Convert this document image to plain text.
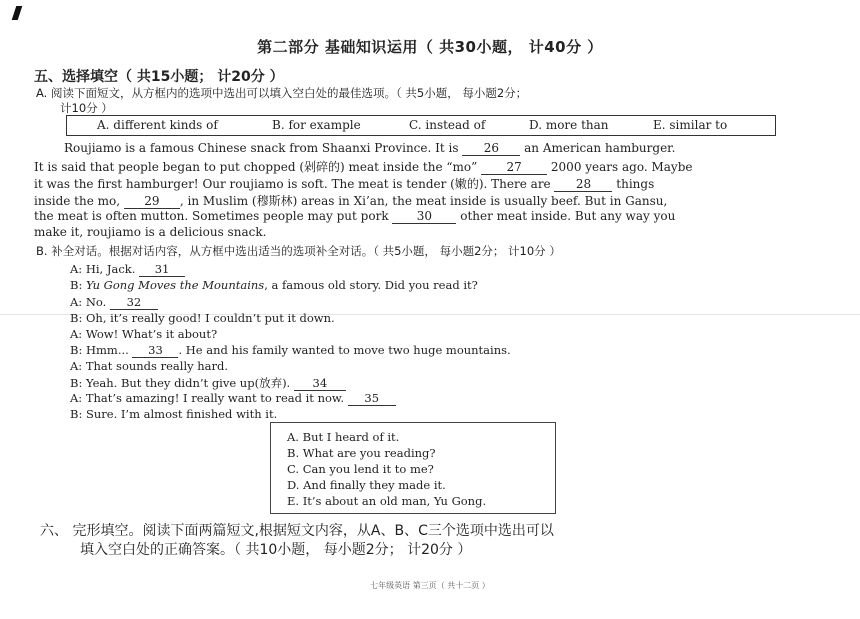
第二部分 基础知识运用（ 共30小题， 计40分 ）
五、选择填空（ 共15小题； 计20分 ）
A. 阅读下面短文，从方框内的选项中选出可以填入空白处的最佳选项。（ 共5小题， 每小题2分；
计10分 ）
A. different kinds of	B. for example	C. instead of	D. more than	E. similar to
Roujiamo is a famous Chinese snack from Shaanxi Province. It is 26 an American hamburger.
It is said that people began to put chopped (剁碎的) meat inside the “mo” 27 2000 years ago. Maybe
it was the first hamburger! Our roujiamo is soft. The meat is tender (嫩的). There are 28 things
inside the mo, 29 , in Muslim (穆斯林) areas in Xi’an, the meat inside is usually beef. But in Gansu,
the meat is often mutton. Sometimes people may put pork 30 other meat inside. But any way you
make it, roujiamo is a delicious snack.
B. 补全对话。根据对话内容，从方框中选出适当的选项补全对话。（ 共5小题， 每小题2分； 计10分 ）
A: Hi, Jack. 31
B: Yu Gong Moves the Mountains, a famous old story. Did you read it?
A: No. 32
B: Oh, it’s really good! I couldn’t put it down.
A: Wow! What’s it about?
B: Hmm... 33 . He and his family wanted to move two huge mountains.
A: That sounds really hard.
B: Yeah. But they didn’t give up(放弃). 34
A: That’s amazing! I really want to read it now. 35
B: Sure. I’m almost finished with it.
A. But I heard of it.
B. What are you reading?
C. Can you lend it to me?
D. And finally they made it.
E. It’s about an old man, Yu Gong.
六、 完形填空。阅读下面两篇短文,根据短文内容，从A、B、C三个选项中选出可以
填入空白处的正确答案。（ 共10小题， 每小题2分； 计20分 ）
七年级英语 第三页（ 共十二页 ）
